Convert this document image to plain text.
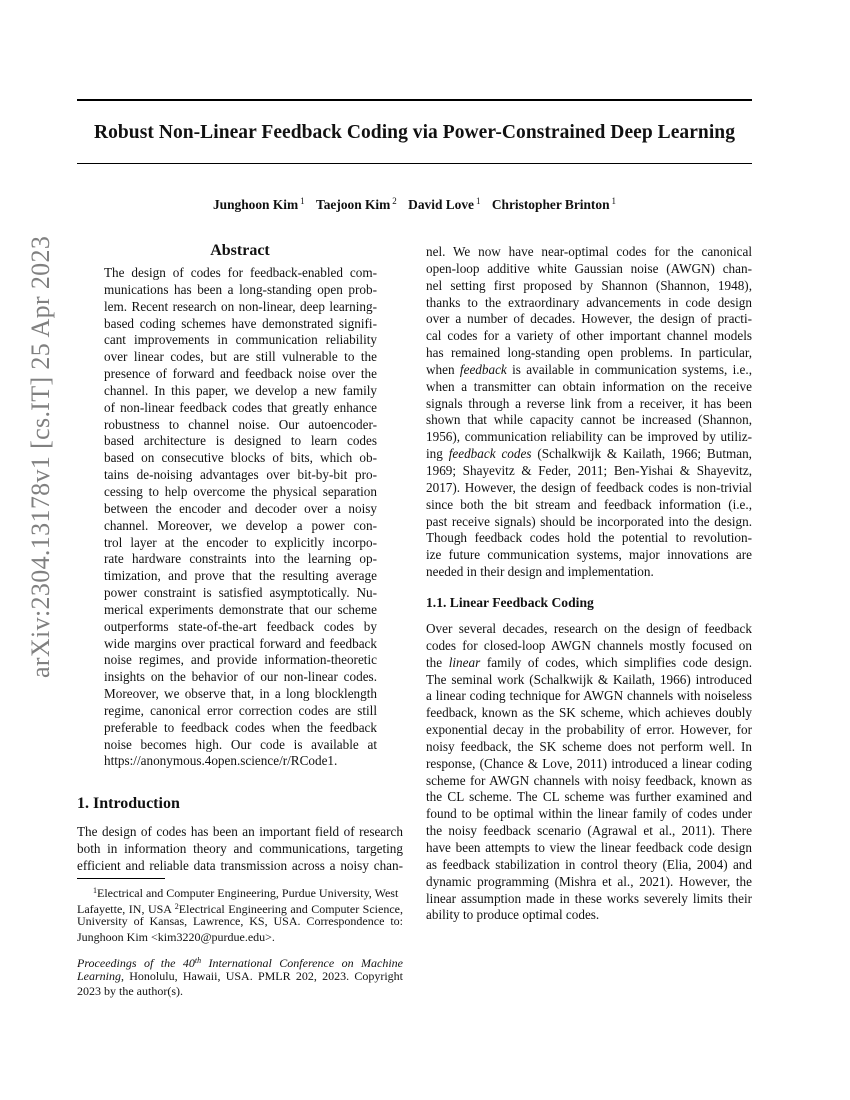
arXiv:2304.13178v1 [cs.IT] 25 Apr 2023
Robust Non-Linear Feedback Coding via Power-Constrained Deep Learning
Junghoon Kim $^1$ Taejoon Kim $^2$ David Love $^1$ Christopher Brinton $^1$
Abstract
The design of codes for feedback-enabled com-
munications has been a long-standing open prob-
lem. Recent research on non-linear, deep learning-
based coding schemes have demonstrated signifi-
cant improvements in communication reliability
over linear codes, but are still vulnerable to the
presence of forward and feedback noise over the
channel. In this paper, we develop a new family
of non-linear feedback codes that greatly enhance
robustness to channel noise. Our autoencoder-
based architecture is designed to learn codes
based on consecutive blocks of bits, which ob-
tains de-noising advantages over bit-by-bit pro-
cessing to help overcome the physical separation
between the encoder and decoder over a noisy
channel. Moreover, we develop a power con-
trol layer at the encoder to explicitly incorpo-
rate hardware constraints into the learning op-
timization, and prove that the resulting average
power constraint is satisfied asymptotically. Nu-
merical experiments demonstrate that our scheme
outperforms state-of-the-art feedback codes by
wide margins over practical forward and feedback
noise regimes, and provide information-theoretic
insights on the behavior of our non-linear codes.
Moreover, we observe that, in a long blocklength
regime, canonical error correction codes are still
preferable to feedback codes when the feedback
noise becomes high. Our code is available at
https://anonymous.4open.science/r/RCode1.
1. Introduction
The design of codes has been an important field of research
both in information theory and communications, targeting
efficient and reliable data transmission across a noisy chan-
$^1$Electrical and Computer Engineering, Purdue University, West
Lafayette, IN, USA $^2$Electrical Engineering and Computer Science,
University of Kansas, Lawrence, KS, USA. Correspondence to:
Junghoon Kim <kim3220@purdue.edu>.
Proceedings of the 40th International Conference on Machine
Learning, Honolulu, Hawaii, USA. PMLR 202, 2023. Copyright
2023 by the author(s).
nel. We now have near-optimal codes for the canonical
open-loop additive white Gaussian noise (AWGN) chan-
nel setting first proposed by Shannon (Shannon, 1948),
thanks to the extraordinary advancements in code design
over a number of decades. However, the design of practi-
cal codes for a variety of other important channel models
has remained long-standing open problems. In particular,
when feedback is available in communication systems, i.e.,
when a transmitter can obtain information on the receive
signals through a reverse link from a receiver, it has been
shown that while capacity cannot be increased (Shannon,
1956), communication reliability can be improved by utiliz-
ing feedback codes (Schalkwijk & Kailath, 1966; Butman,
1969; Shayevitz & Feder, 2011; Ben-Yishai & Shayevitz,
2017). However, the design of feedback codes is non-trivial
since both the bit stream and feedback information (i.e.,
past receive signals) should be incorporated into the design.
Though feedback codes hold the potential to revolution-
ize future communication systems, major innovations are
needed in their design and implementation.
1.1. Linear Feedback Coding
Over several decades, research on the design of feedback
codes for closed-loop AWGN channels mostly focused on
the linear family of codes, which simplifies code design.
The seminal work (Schalkwijk & Kailath, 1966) introduced
a linear coding technique for AWGN channels with noiseless
feedback, known as the SK scheme, which achieves doubly
exponential decay in the probability of error. However, for
noisy feedback, the SK scheme does not perform well. In
response, (Chance & Love, 2011) introduced a linear coding
scheme for AWGN channels with noisy feedback, known as
the CL scheme. The CL scheme was further examined and
found to be optimal within the linear family of codes under
the noisy feedback scenario (Agrawal et al., 2011). There
have been attempts to view the linear feedback code design
as feedback stabilization in control theory (Elia, 2004) and
dynamic programming (Mishra et al., 2021). However, the
linear assumption made in these works severely limits their
ability to produce optimal codes.
